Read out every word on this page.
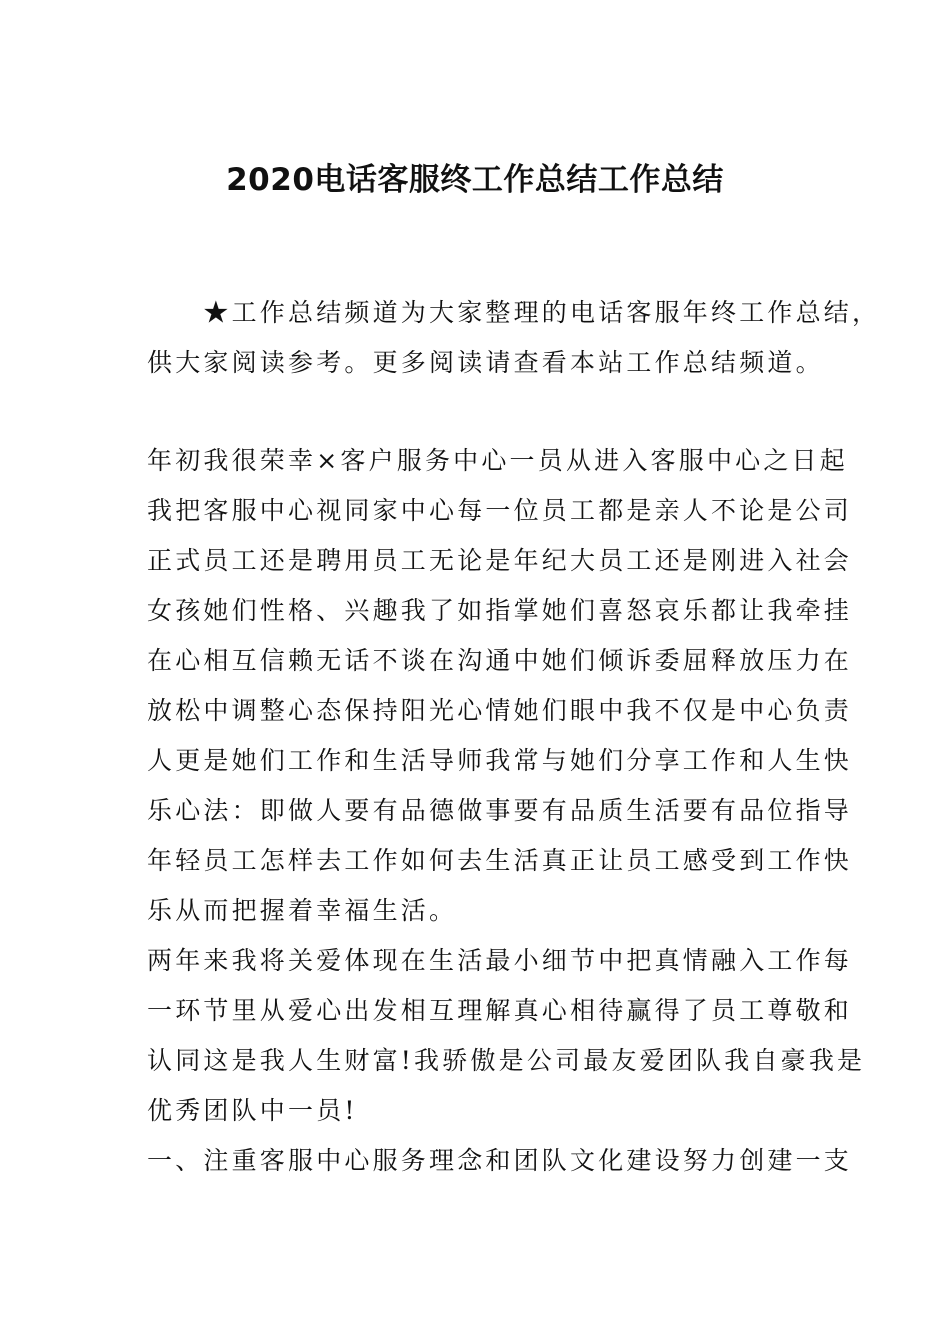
2020电话客服终工作总结工作总结
　　★工作总结频道为大家整理的电话客服年终工作总结，
供大家阅读参考。更多阅读请查看本站工作总结频道。
年初我很荣幸×客户服务中心一员从进入客服中心之日起
我把客服中心视同家中心每一位员工都是亲人不论是公司
正式员工还是聘用员工无论是年纪大员工还是刚进入社会
女孩她们性格、兴趣我了如指掌她们喜怒哀乐都让我牵挂
在心相互信赖无话不谈在沟通中她们倾诉委屈释放压力在
放松中调整心态保持阳光心情她们眼中我不仅是中心负责
人更是她们工作和生活导师我常与她们分享工作和人生快
乐心法：即做人要有品德做事要有品质生活要有品位指导
年轻员工怎样去工作如何去生活真正让员工感受到工作快
乐从而把握着幸福生活。
两年来我将关爱体现在生活最小细节中把真情融入工作每
一环节里从爱心出发相互理解真心相待赢得了员工尊敬和
认同这是我人生财富!我骄傲是公司最友爱团队我自豪我是
优秀团队中一员!
一、注重客服中心服务理念和团队文化建设努力创建一支
